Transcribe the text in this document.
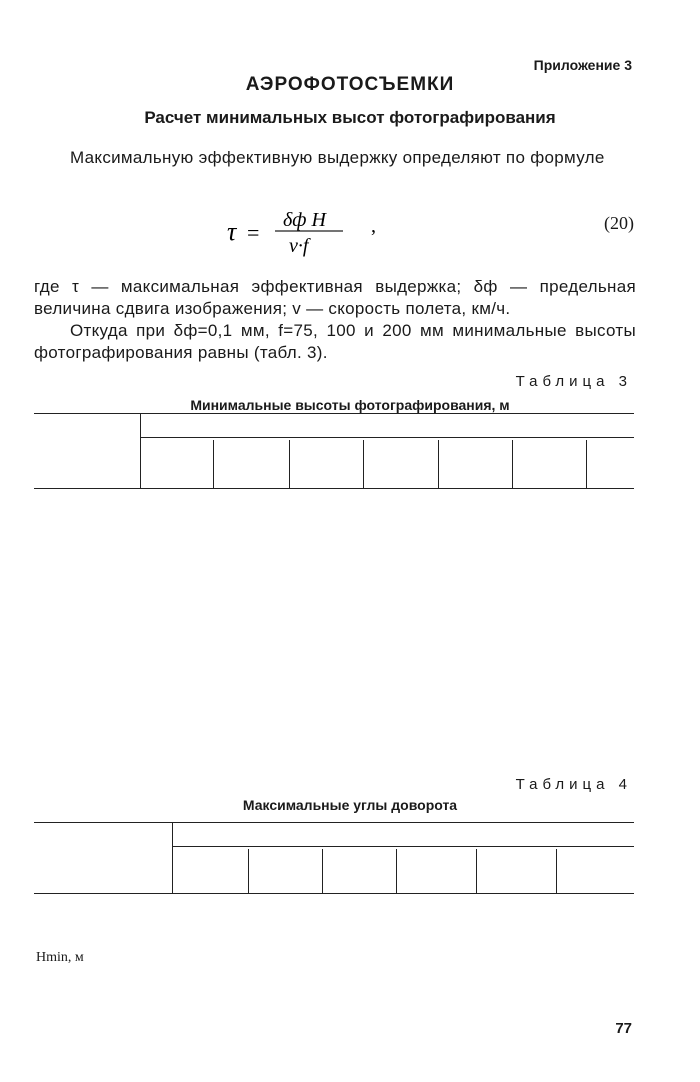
Приложение 3
АЭРОФОТОСЪЕМКИ
Расчет минимальных высот фотографирования
Максимальную эффективную выдержку определяют по формуле
τ = δф H
v·f
,	(20)
где τ — максимальная эффективная выдержка; δф — предельная величина сдвига изображения; v — скорость полета, км/ч.
Откуда при δф=0,1 мм, f=75, 100 и 200 мм минимальные высоты фотографирования равны (табл. 3).
Таблица 3
Минимальные высоты фотографирования, м
Таблица 4
Максимальные углы доворота
Hmin, м
77
